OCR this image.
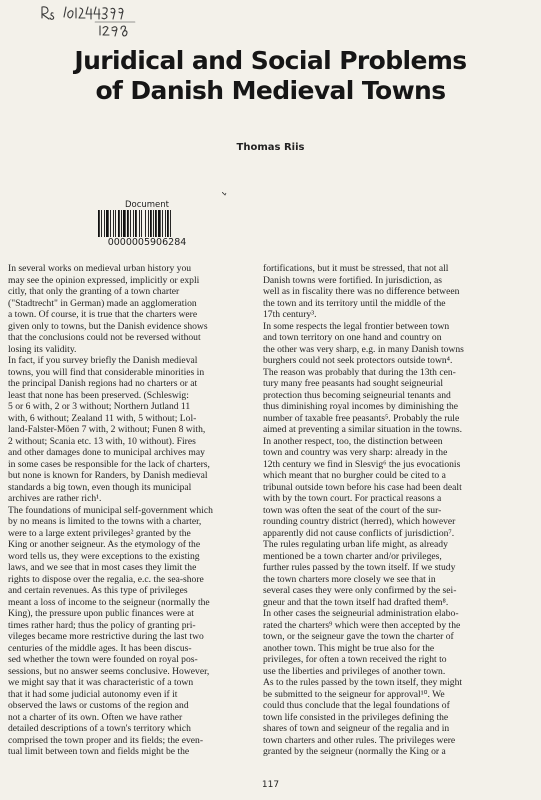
Juridical and Social Problems
of Danish Medieval Towns
Thomas Riis
Document
0000005906284

In several works on medieval urban history you

may see the opinion expressed, implicitly or expli

citly, that only the granting of a town charter

("Stadtrecht" in German) made an agglomeration

a town. Of course, it is true that the charters were

given only to towns, but the Danish evidence shows

that the conclusions could not be reversed without

losing its validity.

In fact, if you survey briefly the Danish medieval

towns, you will find that considerable minorities in

the principal Danish regions had no charters or at

least that none has been preserved. (Schleswig:

5 or 6 with, 2 or 3 without; Northern Jutland 11

with, 6 without; Zealand 11 with, 5 without; Lol-

land-Falster-Möen 7 with, 2 without; Funen 8 with,

2 without; Scania etc. 13 with, 10 without). Fires

and other damages done to municipal archives may

in some cases be responsible for the lack of charters,

but none is known for Randers, by Danish medieval

standards a big town, even though its municipal

archives are rather rich¹.

The foundations of municipal self-government which

by no means is limited to the towns with a charter,

were to a large extent privileges² granted by the

King or another seigneur. As the etymology of the

word tells us, they were exceptions to the existing

laws, and we see that in most cases they limit the

rights to dispose over the regalia, e.c. the sea-shore

and certain revenues. As this type of privileges

meant a loss of income to the seigneur (normally the

King), the pressure upon public finances were at

times rather hard; thus the policy of granting pri-

vileges became more restrictive during the last two

centuries of the middle ages. It has been discus-

sed whether the town were founded on royal pos-

sessions, but no answer seems conclusive. However,

we might say that it was characteristic of a town

that it had some judicial autonomy even if it

observed the laws or customs of the region and

not a charter of its own. Often we have rather

detailed descriptions of a town's territory which

comprised the town proper and its fields; the even-

tual limit between town and fields might be the

fortifications, but it must be stressed, that not all

Danish towns were fortified. In jurisdiction, as

well as in fiscality there was no difference between

the town and its territory until the middle of the

17th century³.

In some respects the legal frontier between town

and town territory on one hand and country on

the other was very sharp, e.g. in many Danish towns

burghers could not seek protectors outside town⁴.

The reason was probably that during the 13th cen-

tury many free peasants had sought seigneurial

protection thus becoming seigneurial tenants and

thus diminishing royal incomes by diminishing the

number of taxable free peasants⁵. Probably the rule

aimed at preventing a similar situation in the towns.

In another respect, too, the distinction between

town and country was very sharp: already in the

12th century we find in Slesvig⁶ the jus evocationis

which meant that no burgher could be cited to a

tribunal outside town before his case had been dealt

with by the town court. For practical reasons a

town was often the seat of the court of the sur-

rounding country district (herred), which however

apparently did not cause conflicts of jurisdiction⁷.

The rules regulating urban life might, as already

mentioned be a town charter and/or privileges,

further rules passed by the town itself. If we study

the town charters more closely we see that in

several cases they were only confirmed by the sei-

gneur and that the town itself had drafted them⁸.

In other cases the seigneurial administration elabo-

rated the charters⁹ which were then accepted by the

town, or the seigneur gave the town the charter of

another town. This might be true also for the

privileges, for often a town received the right to

use the liberties and privileges of another town.

As to the rules passed by the town itself, they might

be submitted to the seigneur for approval¹⁰. We

could thus conclude that the legal foundations of

town life consisted in the privileges defining the

shares of town and seigneur of the regalia and in

town charters and other rules. The privileges were

granted by the seigneur (normally the King or a

117
